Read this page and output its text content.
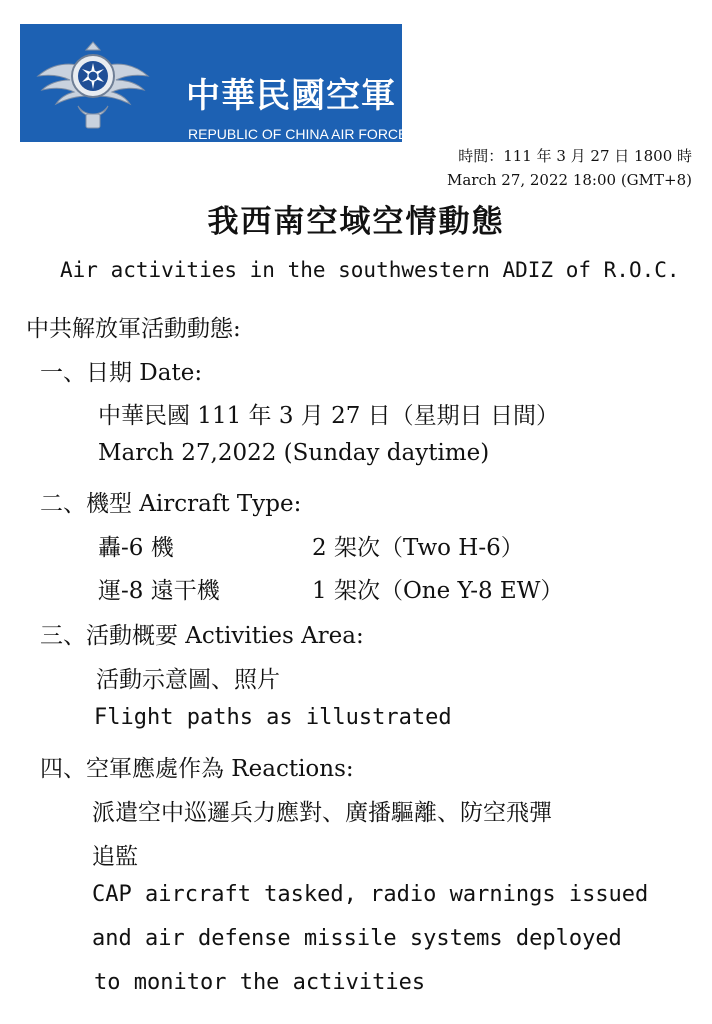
中華民國空軍
REPUBLIC OF CHINA AIR FORCE
時間：111 年 3 月 27 日 1800 時
March 27, 2022 18:00 (GMT+8)
我西南空域空情動態
Air activities in the southwestern ADIZ of R.O.C.
中共解放軍活動動態:
一、日期 Date:
中華民國 111 年 3 月 27 日（星期日 日間）
March 27,2022 (Sunday daytime)
二、機型 Aircraft Type:
轟-6 機	2 架次（Two H-6）
運-8 遠干機	1 架次（One Y-8 EW）
三、活動概要 Activities Area:
活動示意圖、照片
Flight paths as illustrated
四、空軍應處作為 Reactions:
派遣空中巡邏兵力應對、廣播驅離、防空飛彈
追監
CAP aircraft tasked, radio warnings issued
and air defense missile systems deployed
to monitor the activities
